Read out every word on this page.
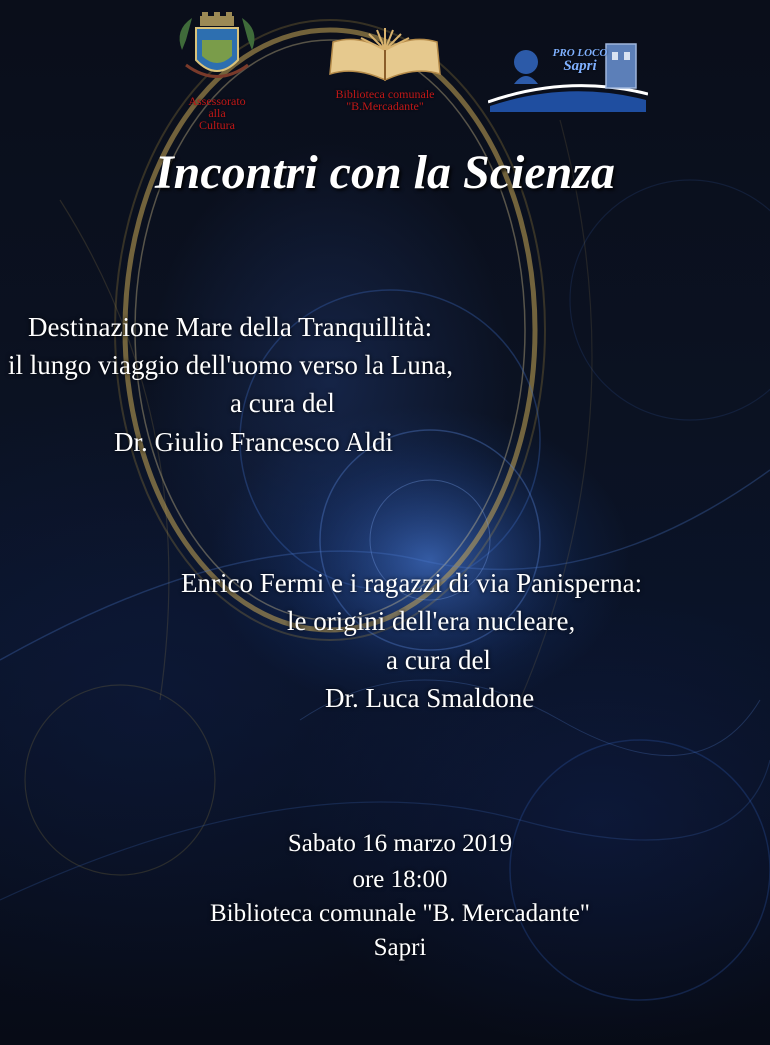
Assessorato
alla
Cultura
Biblioteca comunale
"B.Mercadante"
PRO LOCO
Sapri
Incontri con la Scienza
Destinazione Mare della Tranquillità:
il lungo viaggio dell'uomo verso la Luna,
a cura del
Dr. Giulio Francesco Aldi
Enrico Fermi e i ragazzi di via Panisperna:
le origini dell'era nucleare,
a cura del
Dr. Luca Smaldone
Sabato 16 marzo 2019
ore 18:00
Biblioteca comunale "B. Mercadante"
Sapri
